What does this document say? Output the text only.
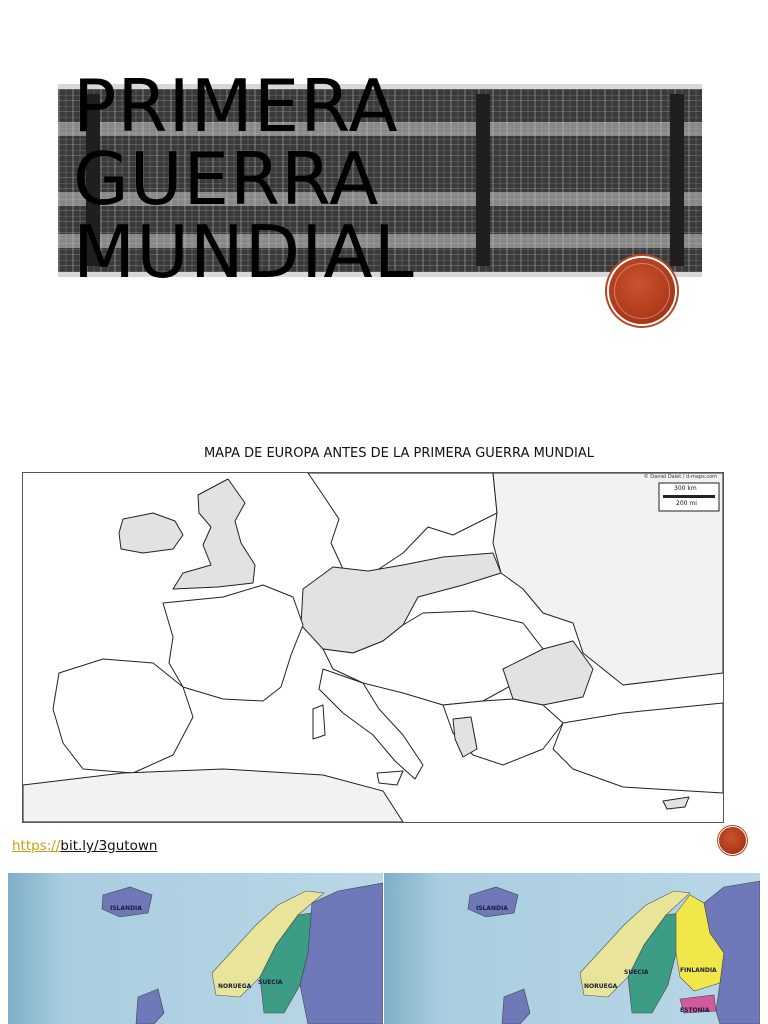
PRIMERA
GUERRA
MUNDIAL
MAPA DE EUROPA ANTES DE LA PRIMERA GUERRA MUNDIAL
© Daniel Dalet / d-maps.com
300 km
200 mi
https://bit.ly/3gutown
ISLANDIA
NORUEGA
SUECIA
ISLANDIA
NORUEGA
SUECIA	FINLANDIA
ESTONIA
